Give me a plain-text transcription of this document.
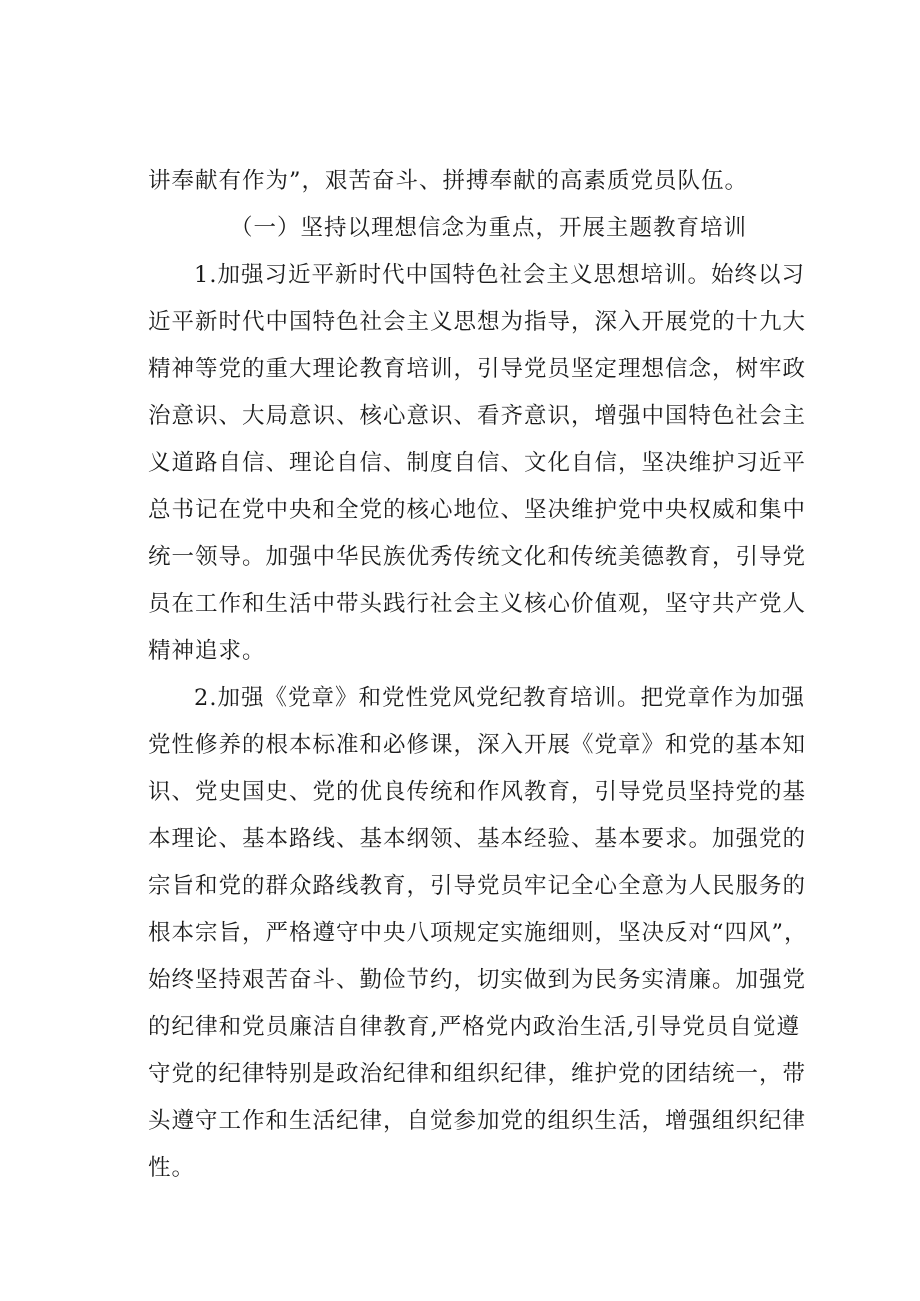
讲奉献有作为”，艰苦奋斗、拼搏奉献的高素质党员队伍。
（一）坚持以理想信念为重点，开展主题教育培训
1.加强习近平新时代中国特色社会主义思想培训。始终以习
近平新时代中国特色社会主义思想为指导，深入开展党的十九大
精神等党的重大理论教育培训，引导党员坚定理想信念，树牢政
治意识、大局意识、核心意识、看齐意识，增强中国特色社会主
义道路自信、理论自信、制度自信、文化自信，坚决维护习近平
总书记在党中央和全党的核心地位、坚决维护党中央权威和集中
统一领导。加强中华民族优秀传统文化和传统美德教育，引导党
员在工作和生活中带头践行社会主义核心价值观，坚守共产党人
精神追求。
2.加强《党章》和党性党风党纪教育培训。把党章作为加强
党性修养的根本标准和必修课，深入开展《党章》和党的基本知
识、党史国史、党的优良传统和作风教育，引导党员坚持党的基
本理论、基本路线、基本纲领、基本经验、基本要求。加强党的
宗旨和党的群众路线教育，引导党员牢记全心全意为人民服务的
根本宗旨，严格遵守中央八项规定实施细则，坚决反对“四风”，
始终坚持艰苦奋斗、勤俭节约，切实做到为民务实清廉。加强党
的纪律和党员廉洁自律教育,严格党内政治生活,引导党员自觉遵
守党的纪律特别是政治纪律和组织纪律，维护党的团结统一，带
头遵守工作和生活纪律，自觉参加党的组织生活，增强组织纪律
性。
